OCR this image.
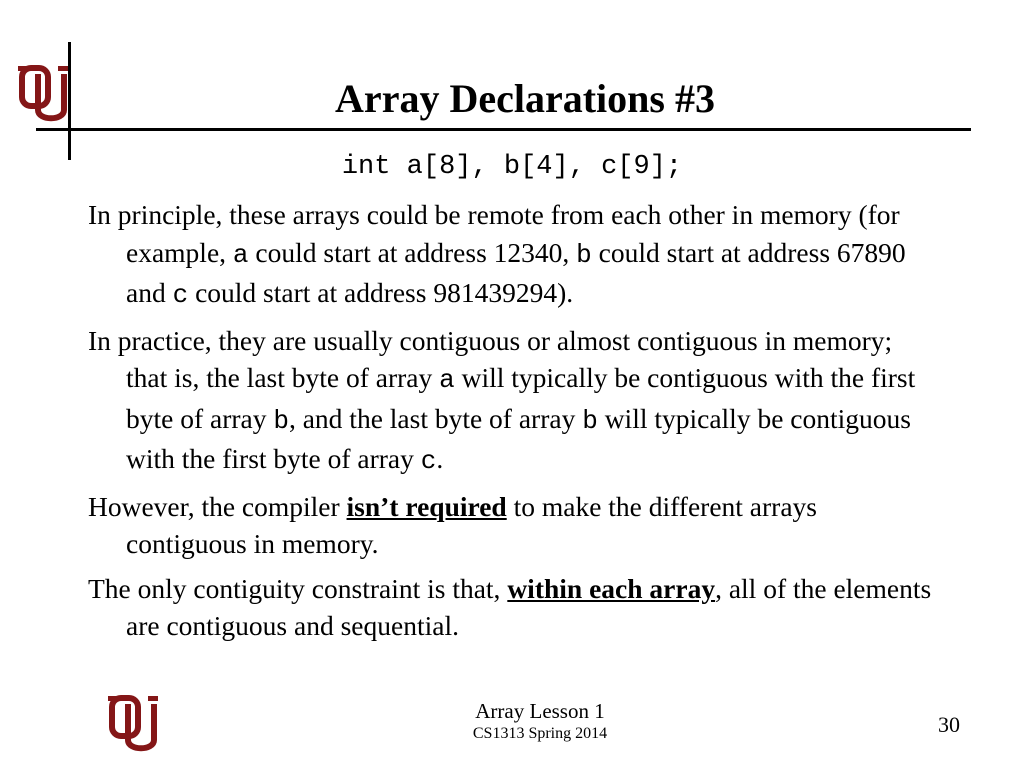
Array Declarations #3
int a[8], b[4], c[9];

In principle, these arrays could be remote from each other in memory (for example, a could start at address 12340, b could start at address 67890 and c could start at address 981439294).

In practice, they are usually contiguous or almost contiguous in memory; that is, the last byte of array a will typically be contiguous with the first byte of array b, and the last byte of array b will typically be contiguous with the first byte of array c.

However, the compiler isn’t required to make the different arrays contiguous in memory.

The only contiguity constraint is that, within each array, all of the elements are contiguous and sequential.

Array Lesson 1
CS1313 Spring 2014	30
